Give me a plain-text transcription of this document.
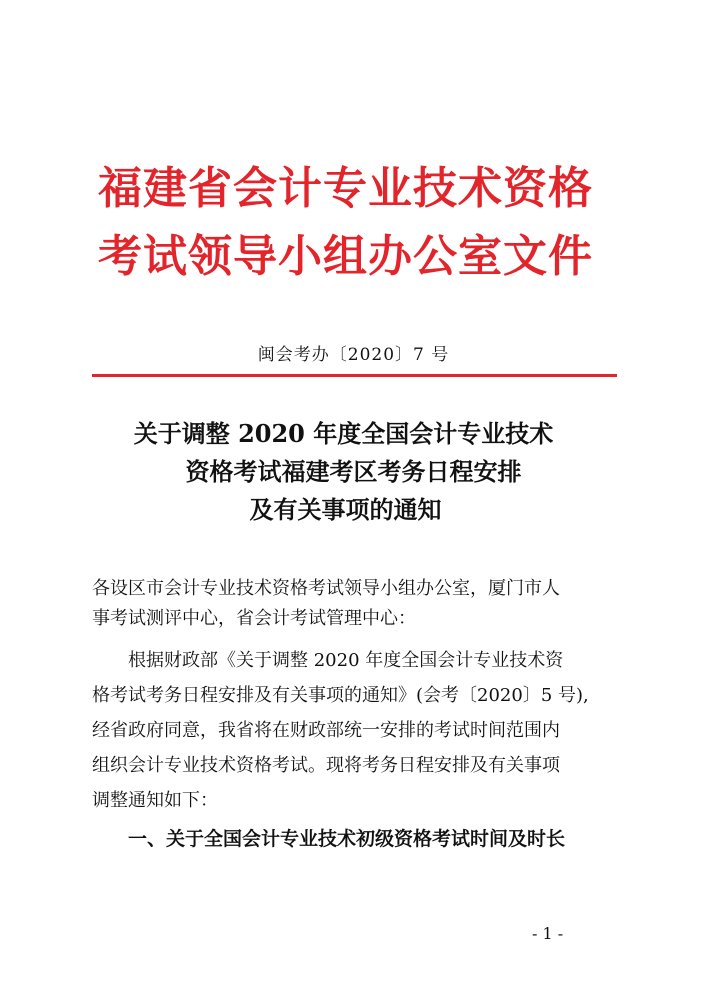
福建省会计专业技术资格
考试领导小组办公室文件
闽会考办〔2020〕7 号
关于调整 2020 年度全国会计专业技术
资格考试福建考区考务日程安排
及有关事项的通知
各设区市会计专业技术资格考试领导小组办公室，厦门市人
事考试测评中心，省会计考试管理中心：
根据财政部《关于调整 2020 年度全国会计专业技术资
格考试考务日程安排及有关事项的通知》(会考〔2020〕5 号),
经省政府同意，我省将在财政部统一安排的考试时间范围内
组织会计专业技术资格考试。现将考务日程安排及有关事项
调整通知如下：
一、关于全国会计专业技术初级资格考试时间及时长
- 1 -
